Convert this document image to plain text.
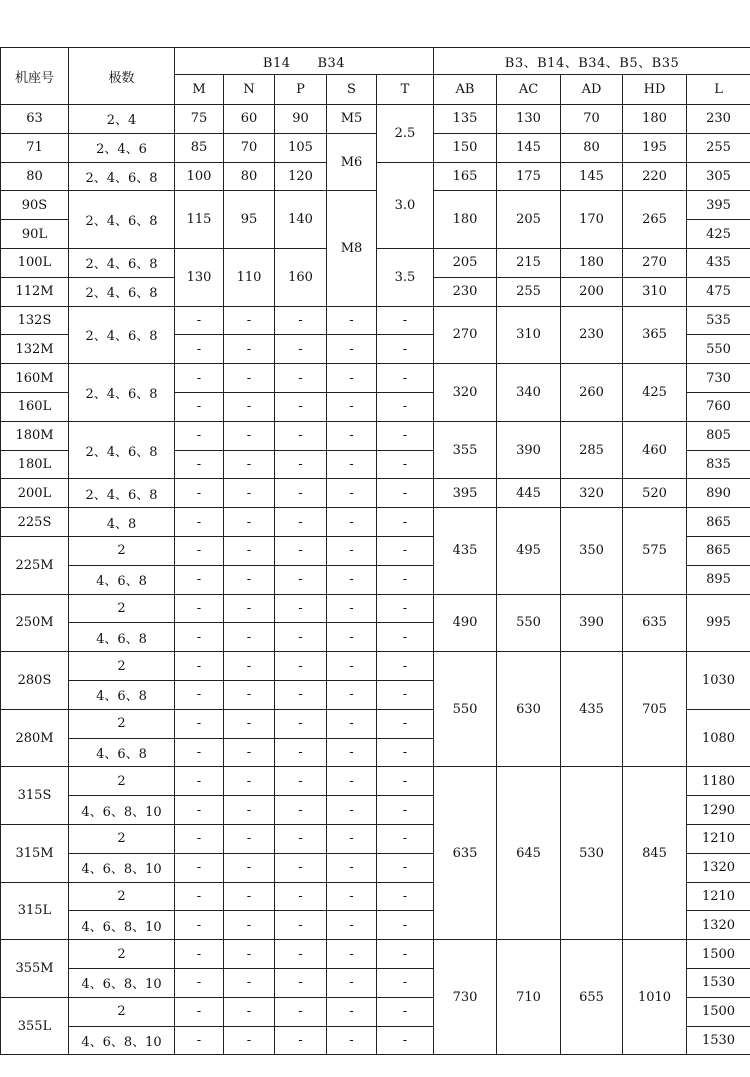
机座号	极数	B14　　B34					B3、B14、B34、B5、B35				
		M	N	P	S	T	AB	AC	AD	HD	L
63	2、4	75	60	90	M5	2.5	135	130	70	180	230
71	2、4、6	85	70	105	M6		150	145	80	195	255
80	2、4、6、8	100	80	120		3.0	165	175	145	220	305
90S	2、4、6、8	115	95	140	M8		180	205	170	265	395
90L											425
100L	2、4、6、8	130	110	160		3.5	205	215	180	270	435
112M	2、4、6、8						230	255	200	310	475
132S	2、4、6、8	-	-	-	-	-	270	310	230	365	535
132M		-	-	-	-	-					550
160M	2、4、6、8	-	-	-	-	-	320	340	260	425	730
160L		-	-	-	-	-					760
180M	2、4、6、8	-	-	-	-	-	355	390	285	460	805
180L		-	-	-	-	-					835
200L	2、4、6、8	-	-	-	-	-	395	445	320	520	890
225S	4、8	-	-	-	-	-	435	495	350	575	865
225M	2	-	-	-	-	-					865
	4、6、8	-	-	-	-	-					895
250M	2	-	-	-	-	-	490	550	390	635	995
	4、6、8	-	-	-	-	-					
280S	2	-	-	-	-	-	550	630	435	705	1030
	4、6、8	-	-	-	-	-					
280M	2	-	-	-	-	-					1080
	4、6、8	-	-	-	-	-					
315S	2	-	-	-	-	-	635	645	530	845	1180
	4、6、8、10	-	-	-	-	-					1290
315M	2	-	-	-	-	-					1210
	4、6、8、10	-	-	-	-	-					1320
315L	2	-	-	-	-	-					1210
	4、6、8、10	-	-	-	-	-					1320
355M	2	-	-	-	-	-	730	710	655	1010	1500
	4、6、8、10	-	-	-	-	-					1530
355L	2	-	-	-	-	-					1500
	4、6、8、10	-	-	-	-	-					1530
